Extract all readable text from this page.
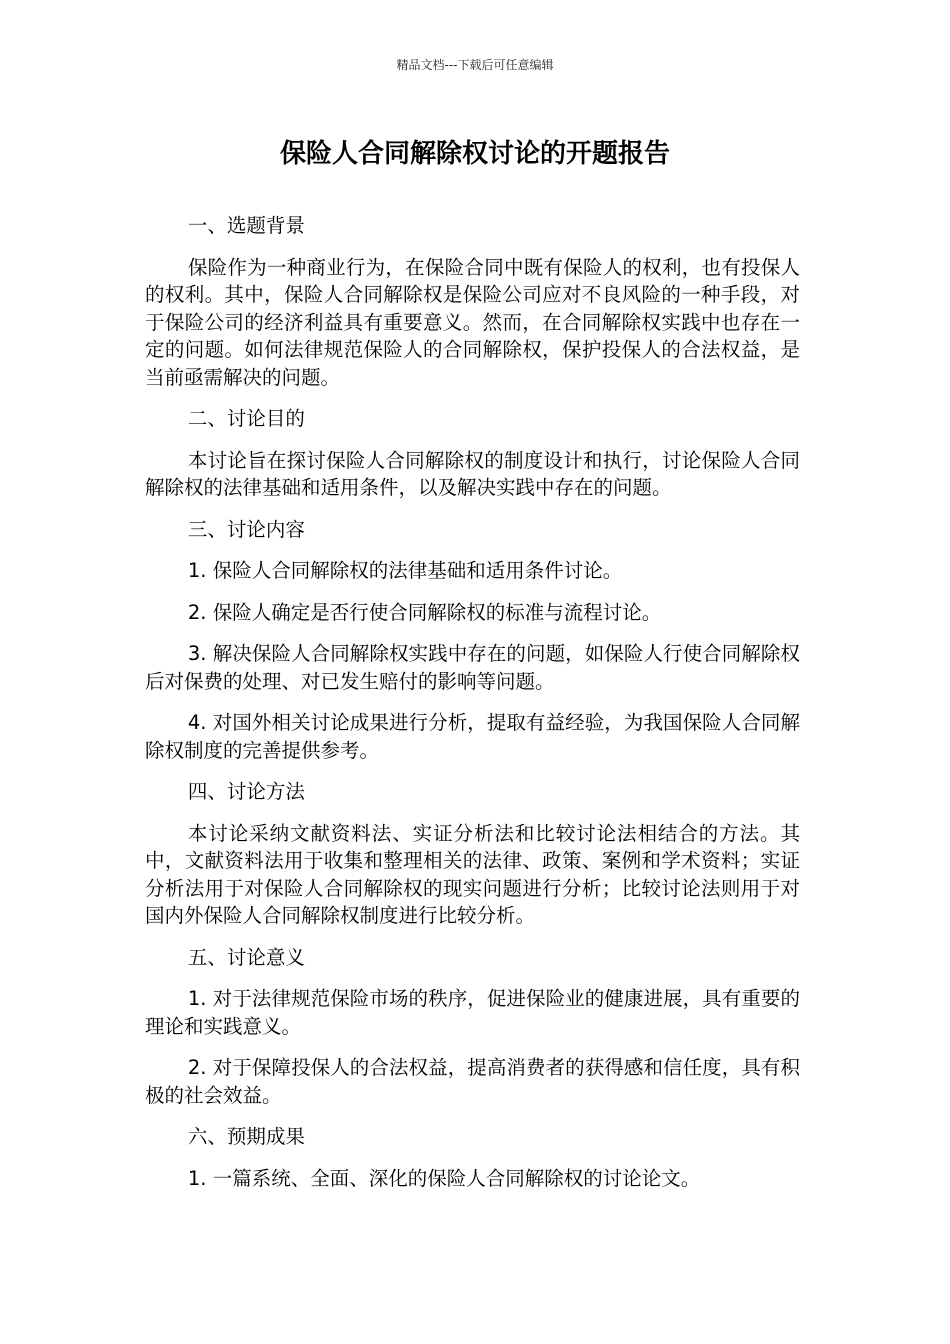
精品文档---下载后可任意编辑
保险人合同解除权讨论的开题报告

一、选题背景

保险作为一种商业行为，在保险合同中既有保险人的权利，也有投保人的权利。其中，保险人合同解除权是保险公司应对不良风险的一种手段，对于保险公司的经济利益具有重要意义。然而，在合同解除权实践中也存在一定的问题。如何法律规范保险人的合同解除权，保护投保人的合法权益，是当前亟需解决的问题。

二、讨论目的

本讨论旨在探讨保险人合同解除权的制度设计和执行，讨论保险人合同解除权的法律基础和适用条件，以及解决实践中存在的问题。

三、讨论内容

1. 保险人合同解除权的法律基础和适用条件讨论。

2. 保险人确定是否行使合同解除权的标准与流程讨论。

3. 解决保险人合同解除权实践中存在的问题，如保险人行使合同解除权后对保费的处理、对已发生赔付的影响等问题。

4. 对国外相关讨论成果进行分析，提取有益经验，为我国保险人合同解除权制度的完善提供参考。

四、讨论方法

本讨论采纳文献资料法、实证分析法和比较讨论法相结合的方法。其中，文献资料法用于收集和整理相关的法律、政策、案例和学术资料；实证分析法用于对保险人合同解除权的现实问题进行分析；比较讨论法则用于对国内外保险人合同解除权制度进行比较分析。

五、讨论意义

1. 对于法律规范保险市场的秩序，促进保险业的健康进展，具有重要的理论和实践意义。

2. 对于保障投保人的合法权益，提高消费者的获得感和信任度，具有积极的社会效益。

六、预期成果

1. 一篇系统、全面、深化的保险人合同解除权的讨论论文。
